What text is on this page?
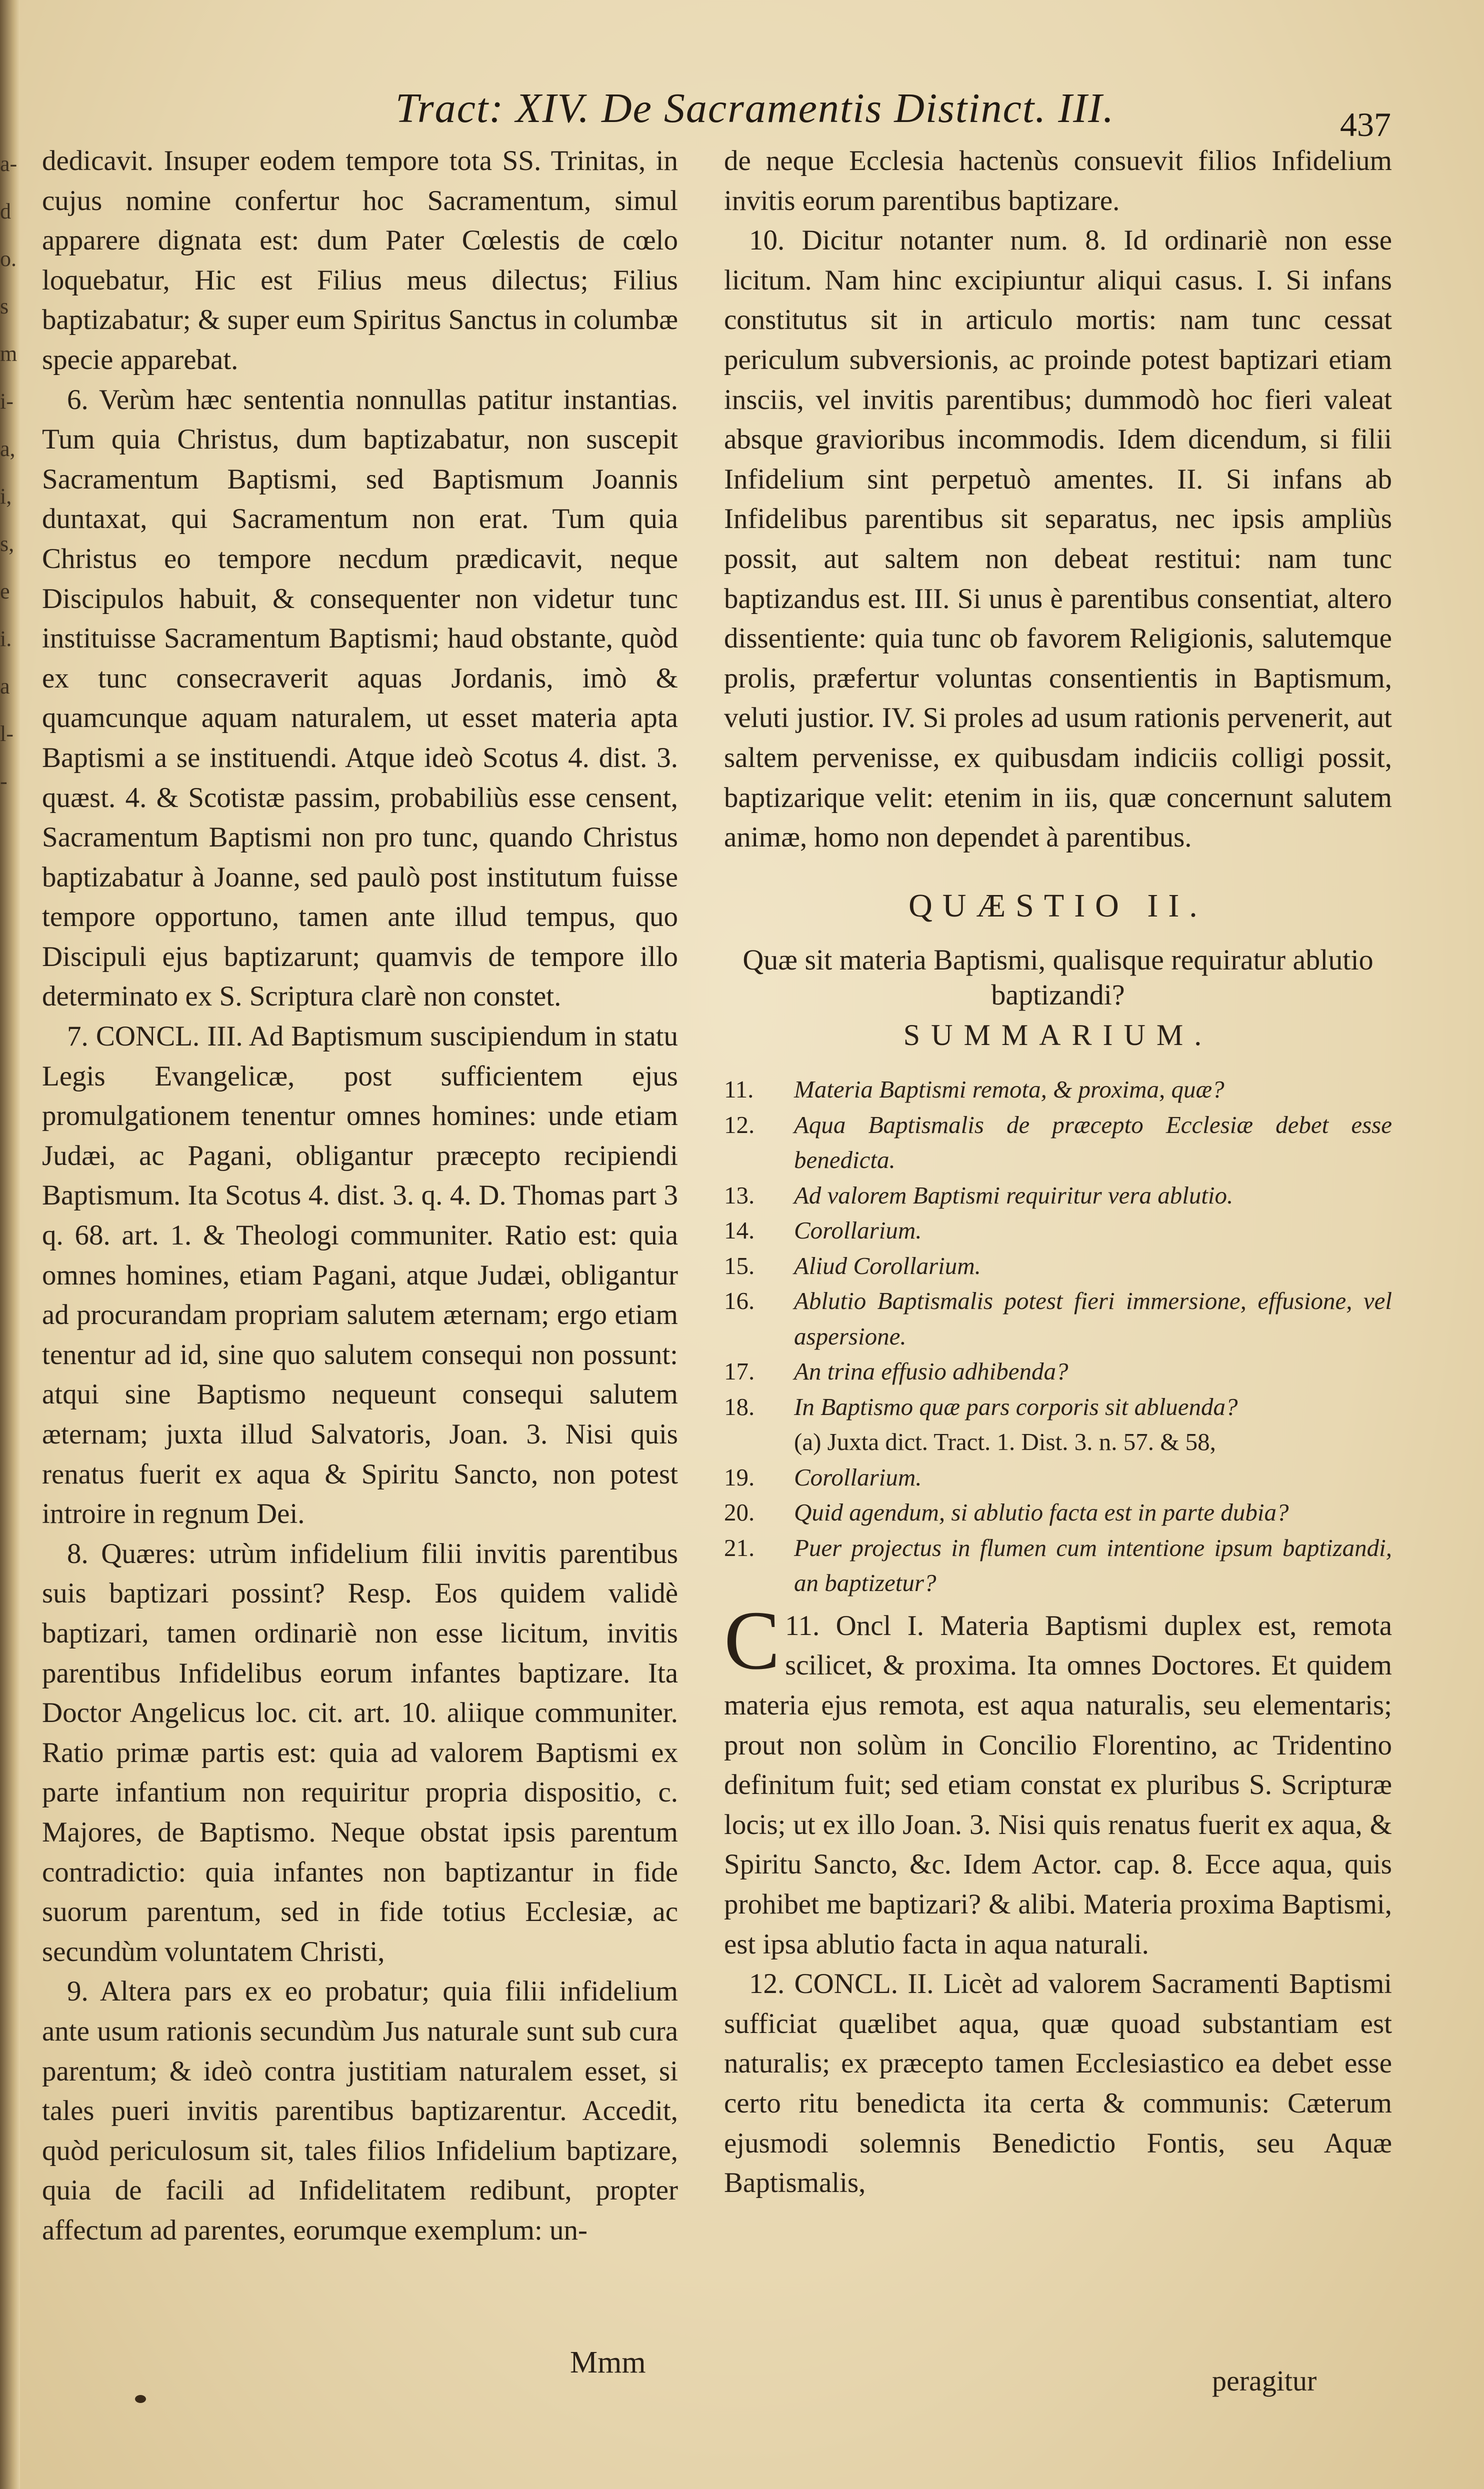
a-
d
o.
s
m
i-
a,
i,
s,
e
i.
a
l-
-
Tract: XIV. De Sacramentis Distinct. III.	437

dedicavit. Insuper eodem tempore tota SS. Trinitas, in cujus nomine confertur hoc Sacramentum, simul apparere dignata est: dum Pater Cœlestis de cœlo loquebatur, Hic est Filius meus dilectus; Filius baptizabatur; & super eum Spiritus Sanctus in columbæ specie apparebat.

6. Verùm hæc sententia nonnullas patitur instantias. Tum quia Christus, dum baptizabatur, non suscepit Sacramentum Baptismi, sed Baptismum Joannis duntaxat, qui Sacramentum non erat. Tum quia Christus eo tempore necdum prædicavit, neque Discipulos habuit, & consequenter non videtur tunc instituisse Sacramentum Baptismi; haud obstante, quòd ex tunc consecraverit aquas Jordanis, imò & quamcunque aquam naturalem, ut esset materia apta Baptismi a se instituendi. Atque ideò Scotus 4. dist. 3. quæst. 4. & Scotistæ passim, probabiliùs esse censent, Sacramentum Baptismi non pro tunc, quando Christus baptizabatur à Joanne, sed paulò post institutum fuisse tempore opportuno, tamen ante illud tempus, quo Discipuli ejus baptizarunt; quamvis de tempore illo determinato ex S. Scriptura clarè non constet.

7. CONCL. III. Ad Baptismum suscipiendum in statu Legis Evangelicæ, post sufficientem ejus promulgationem tenentur omnes homines: unde etiam Judæi, ac Pagani, obligantur præcepto recipiendi Baptismum. Ita Scotus 4. dist. 3. q. 4. D. Thomas part 3 q. 68. art. 1. & Theologi communiter. Ratio est: quia omnes homines, etiam Pagani, atque Judæi, obligantur ad procurandam propriam salutem æternam; ergo etiam tenentur ad id, sine quo salutem consequi non possunt: atqui sine Baptismo nequeunt consequi salutem æternam; juxta illud Salvatoris, Joan. 3. Nisi quis renatus fuerit ex aqua & Spiritu Sancto, non potest introire in regnum Dei.

8. Quæres: utrùm infidelium filii invitis parentibus suis baptizari possint? Resp. Eos quidem validè baptizari, tamen ordinariè non esse licitum, invitis parentibus Infidelibus eorum infantes baptizare. Ita Doctor Angelicus loc. cit. art. 10. aliique communiter. Ratio primæ partis est: quia ad valorem Baptismi ex parte infantium non requiritur propria dispositio, c. Majores, de Baptismo. Neque obstat ipsis parentum contradictio: quia infantes non baptizantur in fide suorum parentum, sed in fide totius Ecclesiæ, ac secundùm voluntatem Christi,

9. Altera pars ex eo probatur; quia filii infidelium ante usum rationis secundùm Jus naturale sunt sub cura parentum; & ideò contra justitiam naturalem esset, si tales pueri invitis parentibus baptizarentur. Accedit, quòd periculosum sit, tales filios Infidelium baptizare, quia de facili ad Infidelitatem redibunt, propter affectum ad parentes, eorumque exemplum: un-

de neque Ecclesia hactenùs consuevit filios Infidelium invitis eorum parentibus baptizare.

10. Dicitur notanter num. 8. Id ordinariè non esse licitum. Nam hinc excipiuntur aliqui casus. I. Si infans constitutus sit in articulo mortis: nam tunc cessat periculum subversionis, ac proinde potest baptizari etiam insciis, vel invitis parentibus; dummodò hoc fieri valeat absque gravioribus incommodis. Idem dicendum, si filii Infidelium sint perpetuò amentes. II. Si infans ab Infidelibus parentibus sit separatus, nec ipsis ampliùs possit, aut saltem non debeat restitui: nam tunc baptizandus est. III. Si unus è parentibus consentiat, altero dissentiente: quia tunc ob favorem Religionis, salutemque prolis, præfertur voluntas consentientis in Baptismum, veluti justior. IV. Si proles ad usum rationis pervenerit, aut saltem pervenisse, ex quibusdam indiciis colligi possit, baptizarique velit: etenim in iis, quæ concernunt salutem animæ, homo non dependet à parentibus.

QUÆSTIO II.

Quæ sit materia Baptismi, qualisque requiratur ablutio baptizandi?

SUMMARIUM.
11.	Materia Baptismi remota, & proxima, quæ?
12.	Aqua Baptismalis de præcepto Ecclesiæ debet esse benedicta.
13.	Ad valorem Baptismi requiritur vera ablutio.
14.	Corollarium.
15.	Aliud Corollarium.
16.	Ablutio Baptismalis potest fieri immersione, effusione, vel aspersione.
17.	An trina effusio adhibenda?
18.	In Baptismo quæ pars corporis sit abluenda?
(a) Juxta dict. Tract. 1. Dist. 3. n. 57. & 58,
19.	Corollarium.
20.	Quid agendum, si ablutio facta est in parte dubia?
21.	Puer projectus in flumen cum intentione ipsum baptizandi, an baptizetur?

11.
C Oncl I. Materia Baptismi duplex est, remota scilicet, & proxima. Ita omnes Doctores. Et quidem materia ejus remota, est aqua naturalis, seu elementaris; prout non solùm in Concilio Florentino, ac Tridentino definitum fuit; sed etiam constat ex pluribus S. Scripturæ locis; ut ex illo Joan. 3. Nisi quis renatus fuerit ex aqua, & Spiritu Sancto, &c. Idem Actor. cap. 8. Ecce aqua, quis prohibet me baptizari? & alibi. Materia proxima Baptismi, est ipsa ablutio facta in aqua naturali.

12. CONCL. II. Licèt ad valorem Sacramenti Baptismi sufficiat quælibet aqua, quæ quoad substantiam est naturalis; ex præcepto tamen Ecclesiastico ea debet esse certo ritu benedicta ita certa & communis: Cæterum ejusmodi solemnis Benedictio Fontis, seu Aquæ Baptismalis,

Mmm
peragitur
